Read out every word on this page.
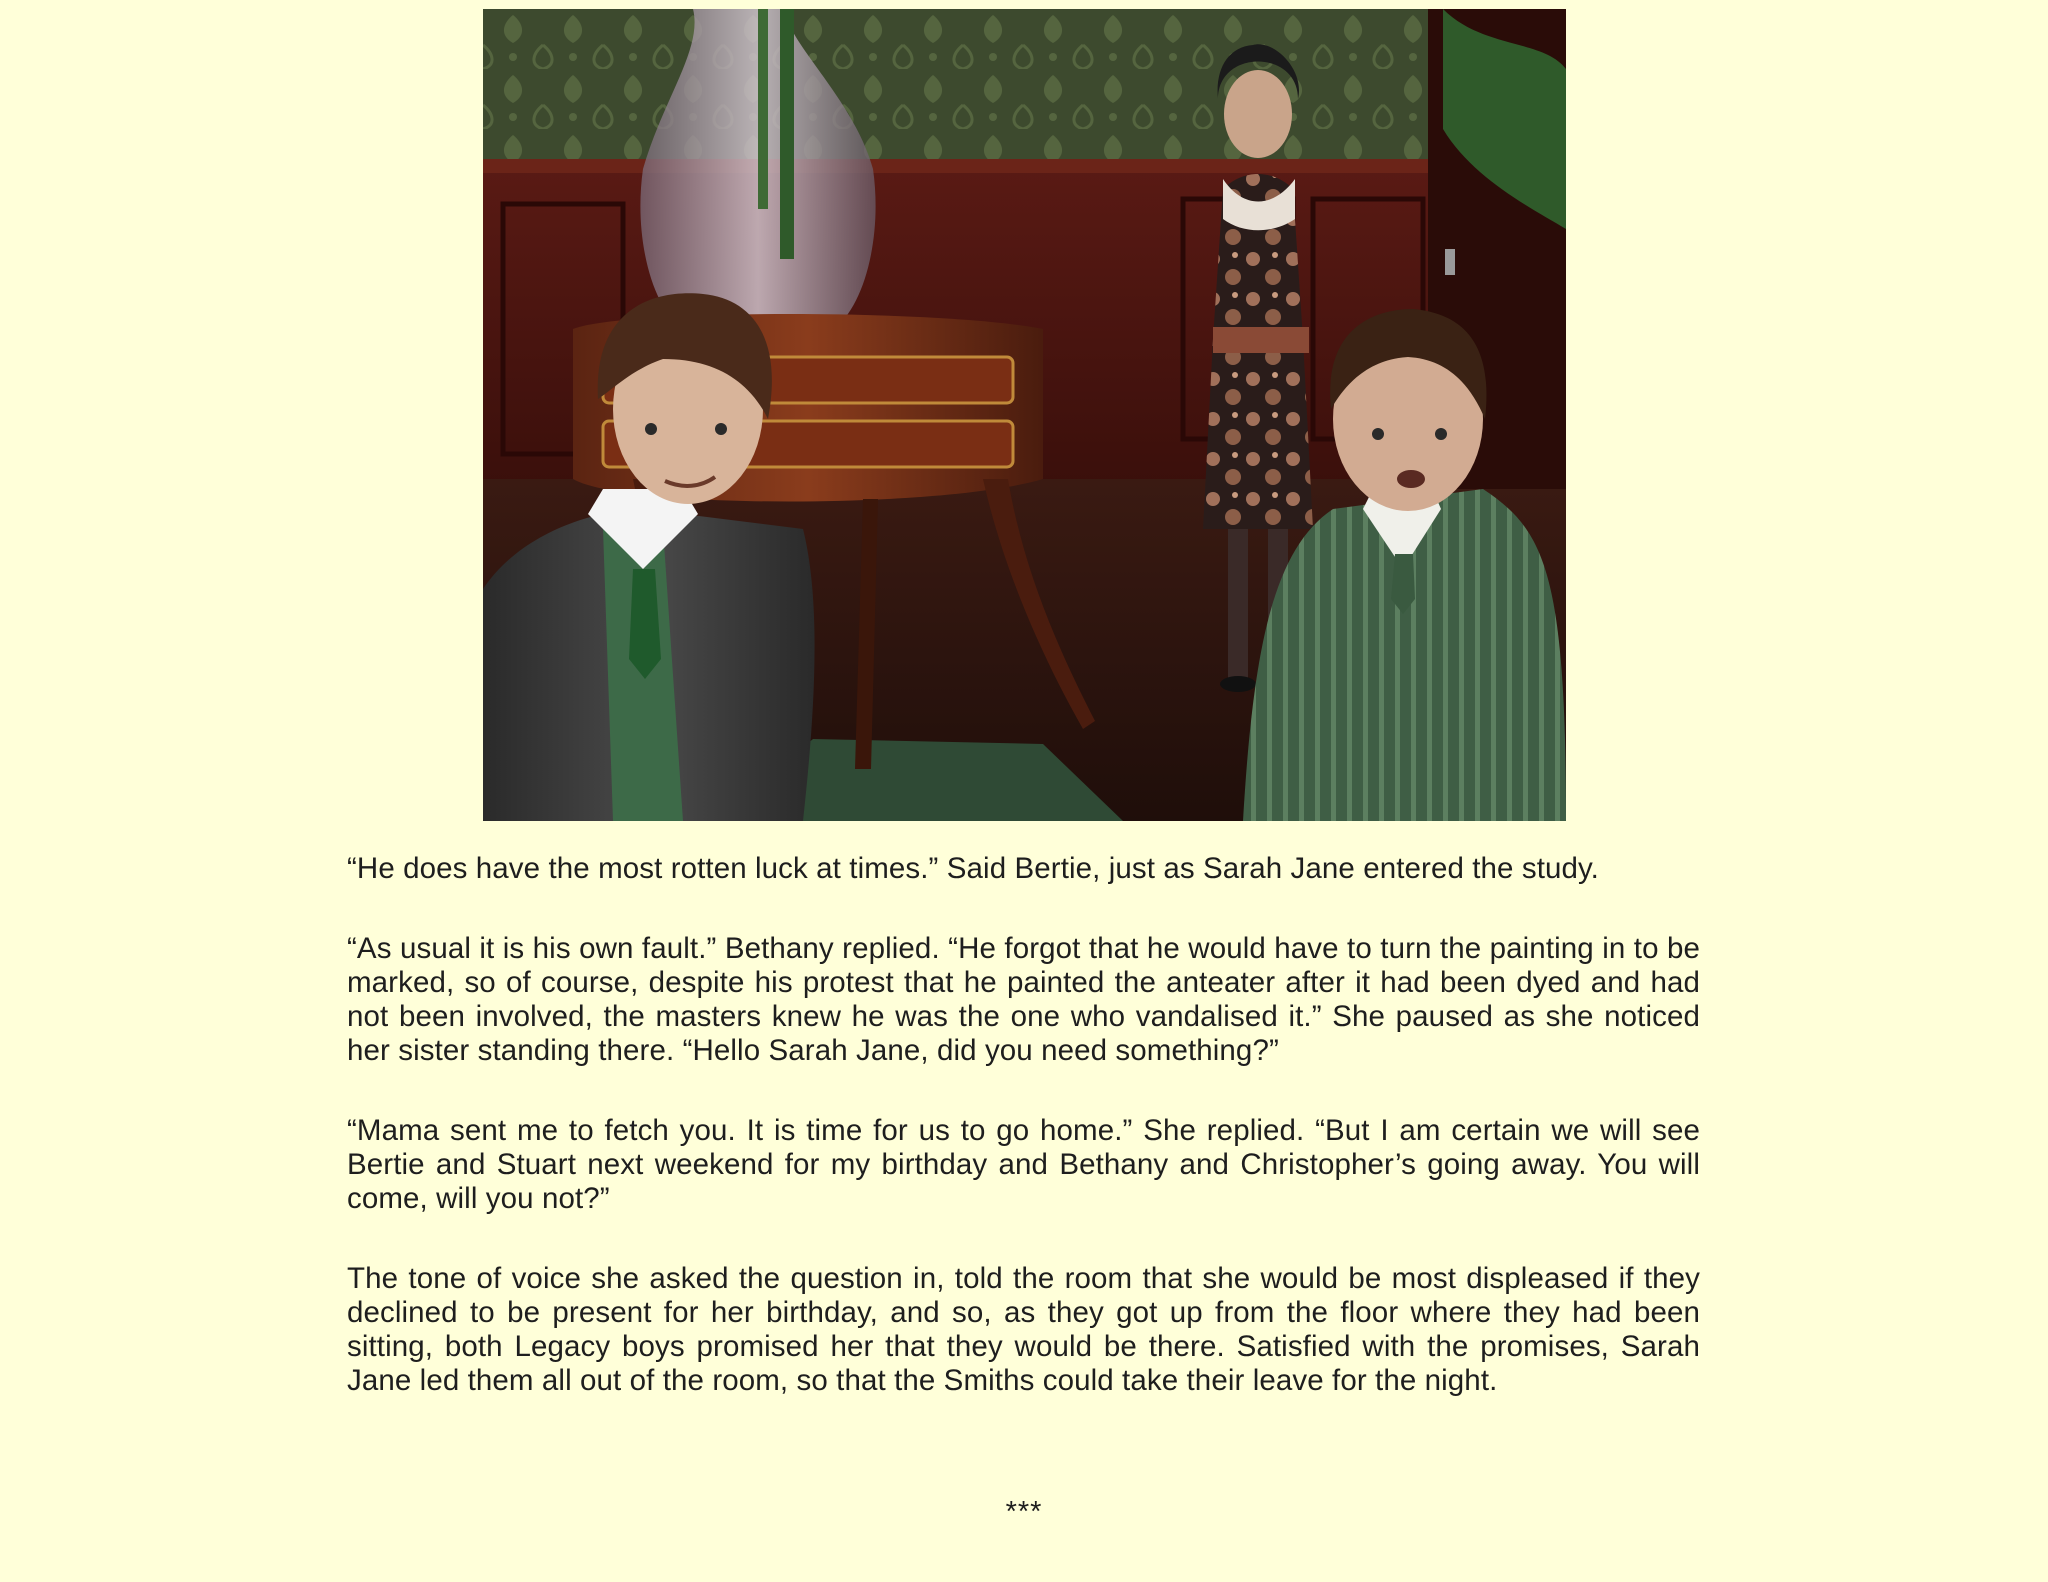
“He does have the most rotten luck at times.” Said Bertie, just as Sarah Jane entered the study.

“As usual it is his own fault.” Bethany replied. “He forgot that he would have to turn the painting in to be marked, so of course, despite his protest that he painted the anteater after it had been dyed and had not been involved, the masters knew he was the one who vandalised it.” She paused as she noticed her sister standing there. “Hello Sarah Jane, did you need something?”

“Mama sent me to fetch you. It is time for us to go home.” She replied. “But I am certain we will see Bertie and Stuart next weekend for my birthday and Bethany and Christopher’s going away. You will come, will you not?”

The tone of voice she asked the question in, told the room that she would be most displeased if they declined to be present for her birthday, and so, as they got up from the floor where they had been sitting, both Legacy boys promised her that they would be there. Satisfied with the promises, Sarah Jane led them all out of the room, so that the Smiths could take their leave for the night.

***
